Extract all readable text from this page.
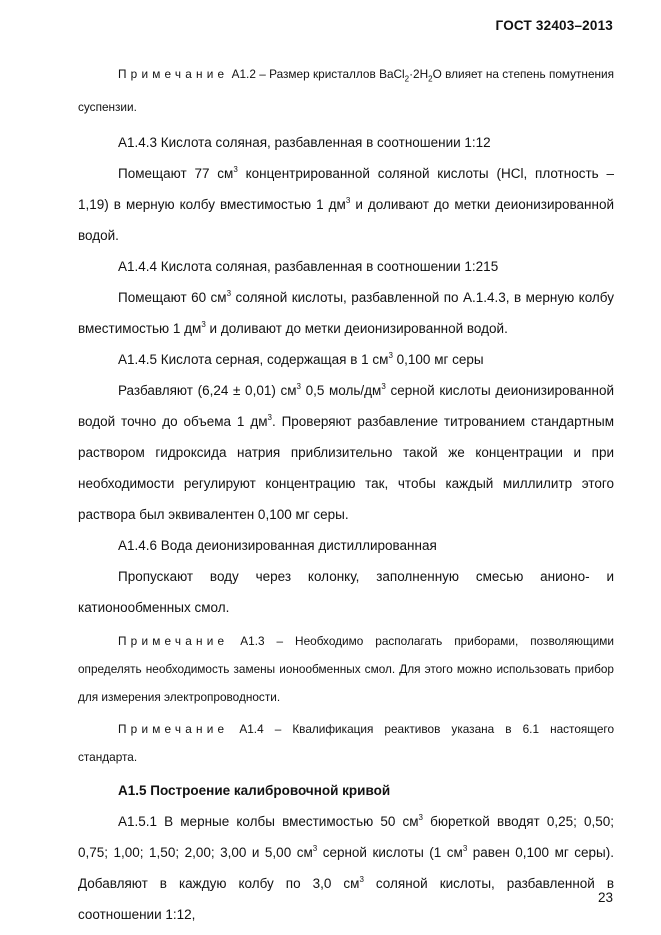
ГОСТ 32403–2013

Примечание А1.2 – Размер кристаллов $BaCl_2\cdot 2H_2O$ влияет на степень помутнения суспензии.

А1.4.3 Кислота соляная, разбавленная в соотношении 1:12

Помещают 77 $см^3$ концентрированной соляной кислоты (HCl, плотность – 1,19) в мерную колбу вместимостью 1 $дм^3$ и доливают до метки деионизированной водой.

А1.4.4 Кислота соляная, разбавленная в соотношении 1:215

Помещают 60 $см^3$ соляной кислоты, разбавленной по А.1.4.3, в мерную колбу вместимостью 1 $дм^3$ и доливают до метки деионизированной водой.

А1.4.5 Кислота серная, содержащая в 1 $см^3$ 0,100 мг серы

Разбавляют (6,24 ± 0,01) $см^3$ 0,5 моль/$дм^3$ серной кислоты деионизированной водой точно до объема 1 $дм^3$. Проверяют разбавление титрованием стандартным раствором гидроксида натрия приблизительно такой же концентрации и при необходимости регулируют концентрацию так, чтобы каждый миллилитр этого раствора был эквивалентен 0,100 мг серы.

А1.4.6 Вода деионизированная дистиллированная

Пропускают воду через колонку, заполненную смесью анионо- и катионообменных смол.

Примечание А1.3 – Необходимо располагать приборами, позволяющими определять необходимость замены ионообменных смол. Для этого можно использовать прибор для измерения электропроводности.

Примечание А1.4 – Квалификация реактивов указана в 6.1 настоящего стандарта.

А1.5 Построение калибровочной кривой

А1.5.1 В мерные колбы вместимостью 50 $см^3$ бюреткой вводят 0,25; 0,50; 0,75; 1,00; 1,50; 2,00; 3,00 и 5,00 $см^3$ серной кислоты (1 $см^3$ равен 0,100 мг серы). Добавляют в каждую колбу по 3,0 $см^3$ соляной кислоты, разбавленной в соотношении 1:12,

23
